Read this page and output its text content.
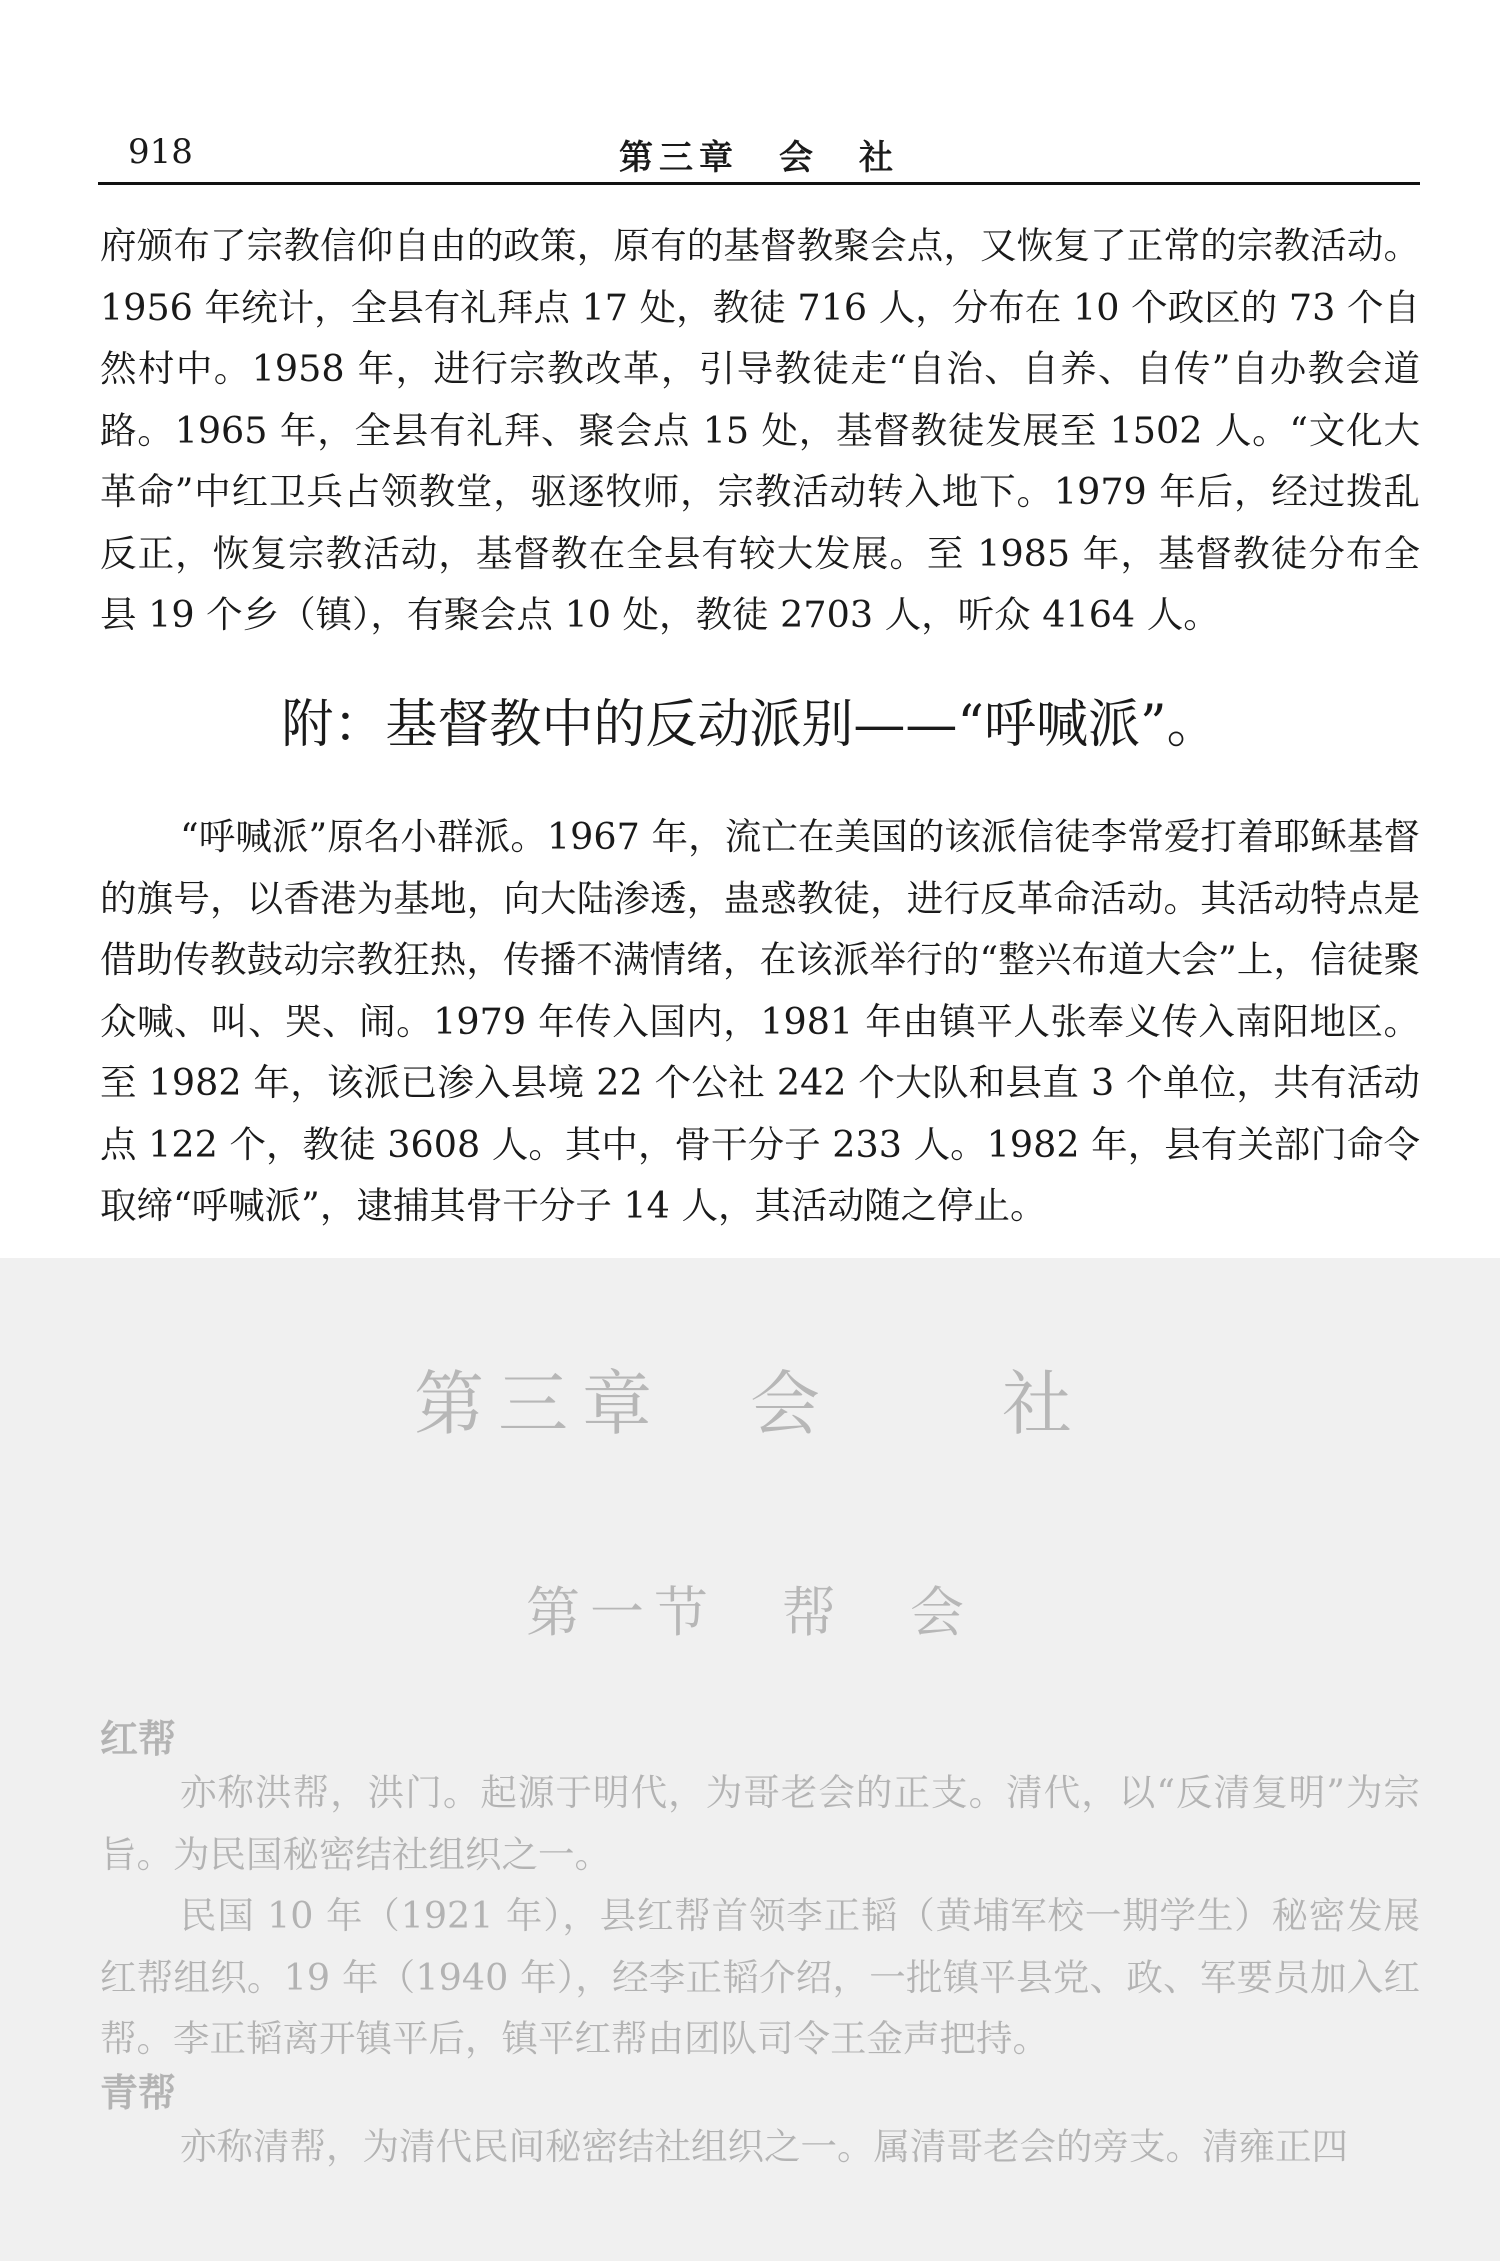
918	第三章　会　社

府颁布了宗教信仰自由的政策，原有的基督教聚会点，又恢复了正常的宗教活动。1956 年统计，全县有礼拜点 17 处，教徒 716 人，分布在 10 个政区的 73 个自然村中。1958 年，进行宗教改革，引导教徒走“自治、自养、自传”自办教会道路。1965 年，全县有礼拜、聚会点 15 处，基督教徒发展至 1502 人。“文化大革命”中红卫兵占领教堂，驱逐牧师，宗教活动转入地下。1979 年后，经过拨乱反正，恢复宗教活动，基督教在全县有较大发展。至 1985 年，基督教徒分布全县 19 个乡（镇），有聚会点 10 处，教徒 2703 人，听众 4164 人。

附：基督教中的反动派别——“呼喊派”。

“呼喊派”原名小群派。1967 年，流亡在美国的该派信徒李常爱打着耶稣基督的旗号，以香港为基地，向大陆渗透，蛊惑教徒，进行反革命活动。其活动特点是借助传教鼓动宗教狂热，传播不满情绪，在该派举行的“整兴布道大会”上，信徒聚众喊、叫、哭、闹。1979 年传入国内，1981 年由镇平人张奉义传入南阳地区。至 1982 年，该派已渗入县境 22 个公社 242 个大队和县直 3 个单位，共有活动点 122 个，教徒 3608 人。其中，骨干分子 233 人。1982 年，县有关部门命令取缔“呼喊派”，逮捕其骨干分子 14 人，其活动随之停止。

第三章　会　　社
第一节　帮　会
红帮

亦称洪帮，洪门。起源于明代，为哥老会的正支。清代，以“反清复明”为宗旨。为民国秘密结社组织之一。

民国 10 年（1921 年），县红帮首领李正韬（黄埔军校一期学生）秘密发展红帮组织。19 年（1940 年），经李正韬介绍，一批镇平县党、政、军要员加入红帮。李正韬离开镇平后，镇平红帮由团队司令王金声把持。

青帮

亦称清帮，为清代民间秘密结社组织之一。属清哥老会的旁支。清雍正四
